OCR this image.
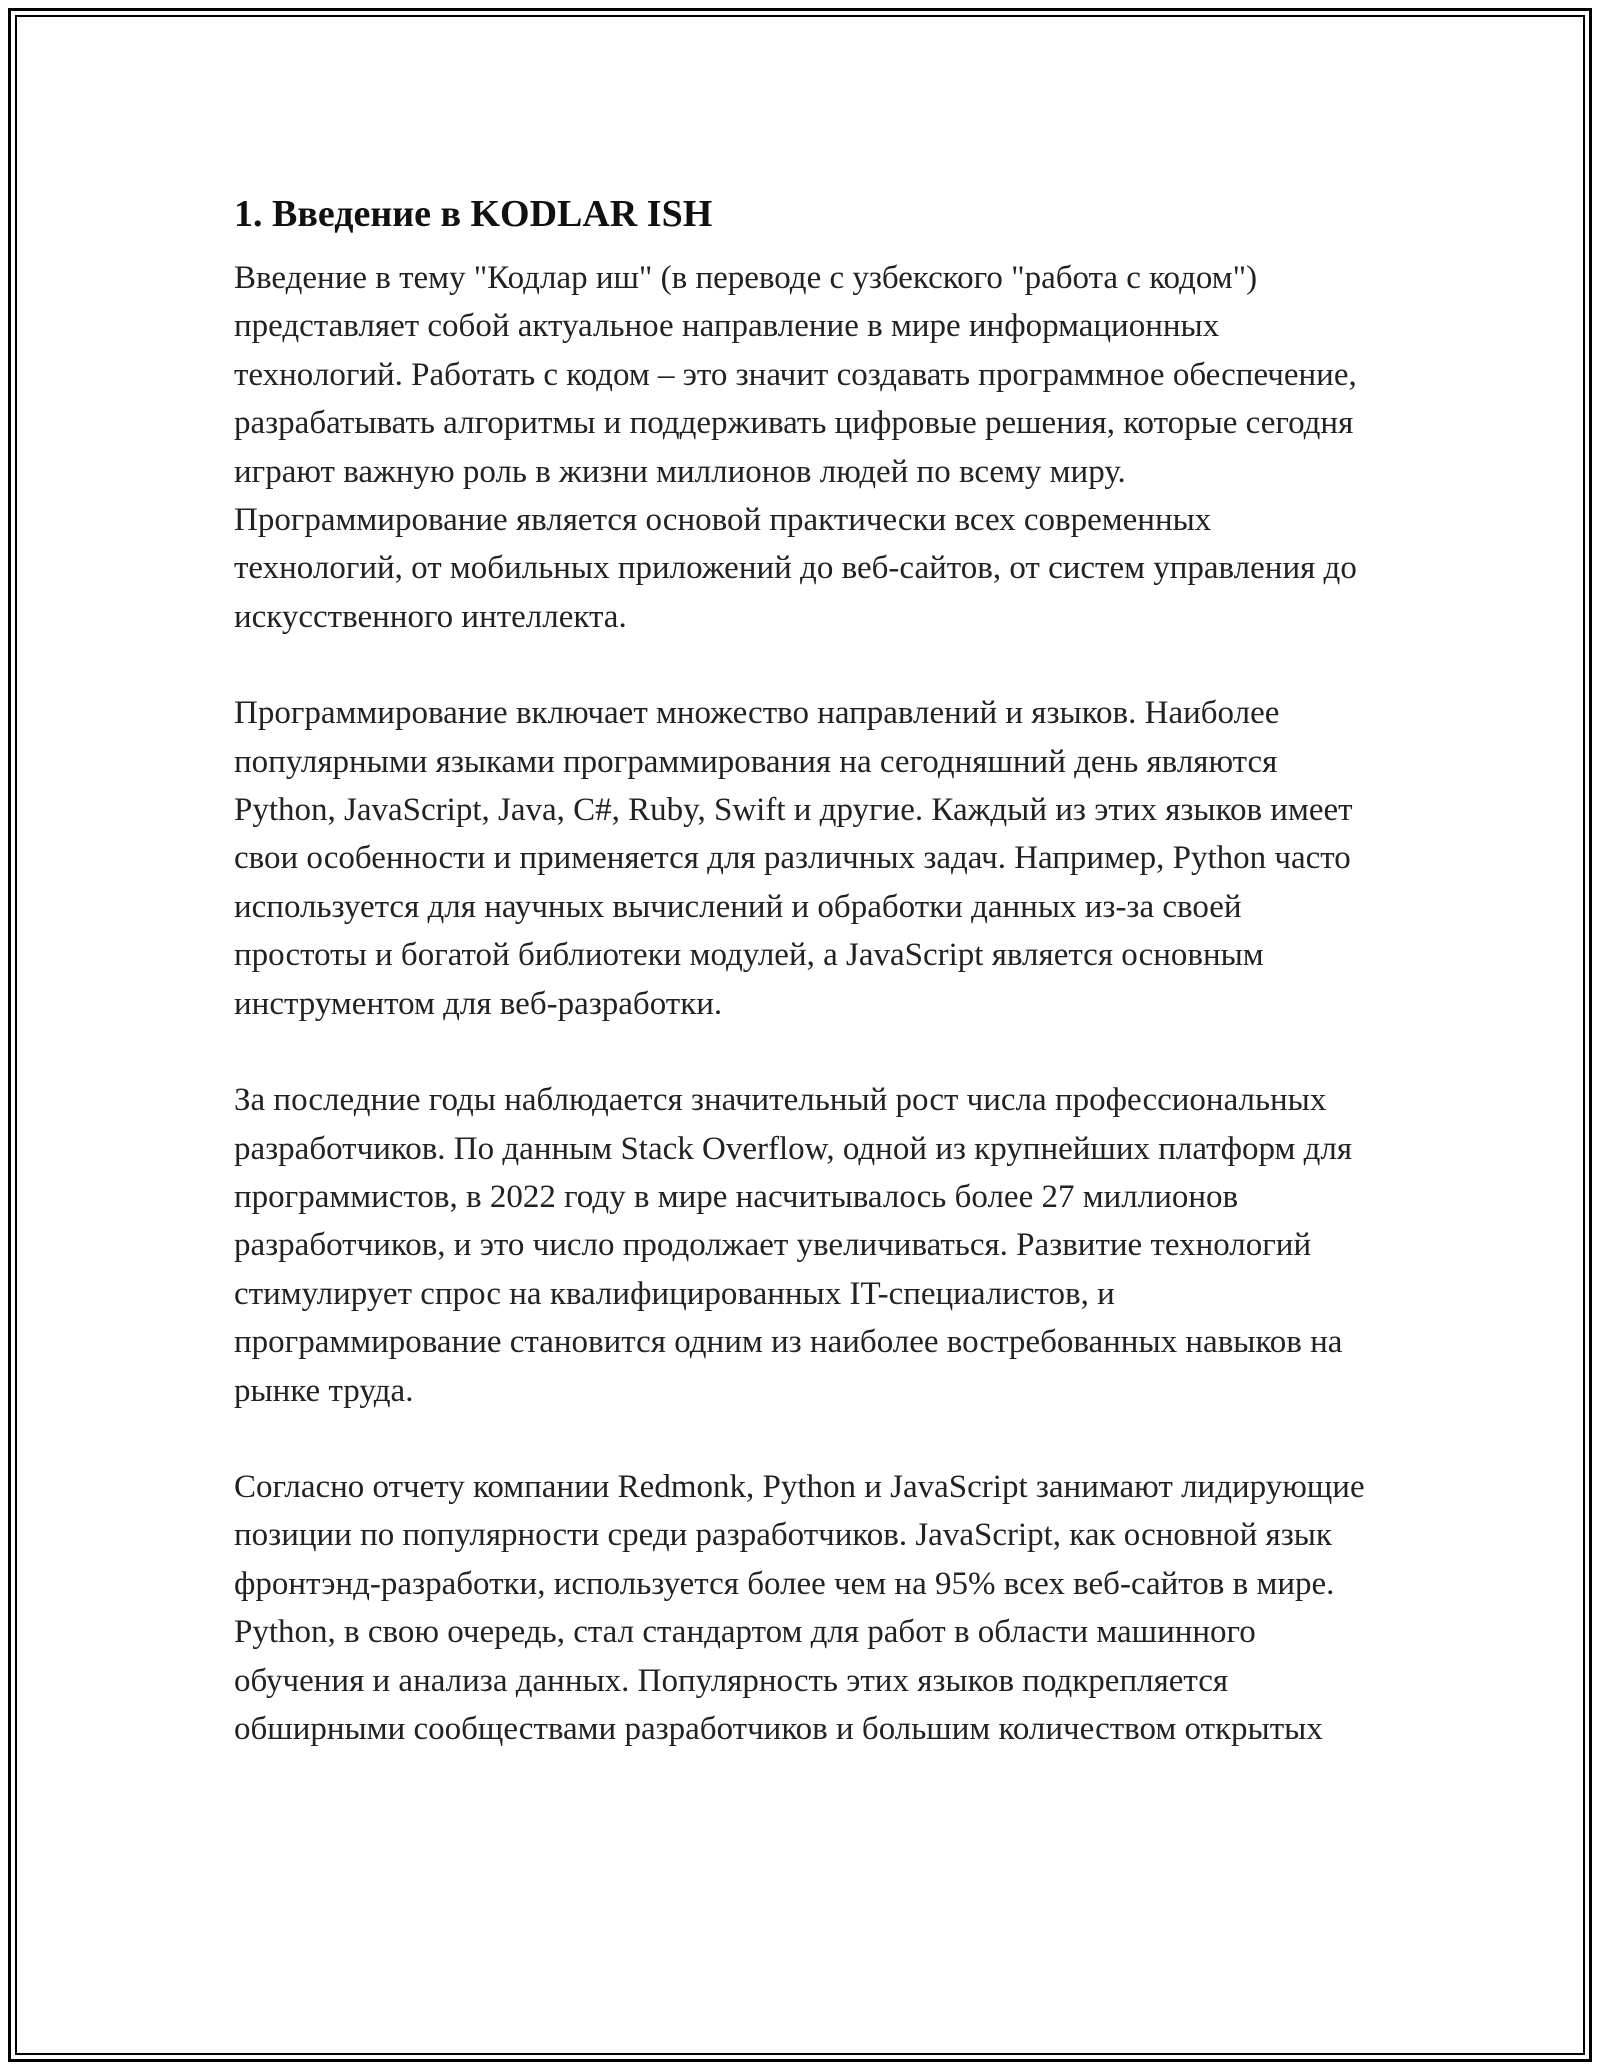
1. Введение в KODLAR ISH

Введение в тему "Кодлар иш" (в переводе с узбекского "работа с кодом") представляет собой актуальное направление в мире информационных технологий. Работать с кодом – это значит создавать программное обеспечение, разрабатывать алгоритмы и поддерживать цифровые решения, которые сегодня играют важную роль в жизни миллионов людей по всему миру. Программирование является основой практически всех современных технологий, от мобильных приложений до веб-сайтов, от систем управления до искусственного интеллекта.

Программирование включает множество направлений и языков. Наиболее популярными языками программирования на сегодняшний день являются Python, JavaScript, Java, C#, Ruby, Swift и другие. Каждый из этих языков имеет свои особенности и применяется для различных задач. Например, Python часто используется для научных вычислений и обработки данных из-за своей простоты и богатой библиотеки модулей, а JavaScript является основным инструментом для веб-разработки.

За последние годы наблюдается значительный рост числа профессиональных разработчиков. По данным Stack Overflow, одной из крупнейших платформ для программистов, в 2022 году в мире насчитывалось более 27 миллионов разработчиков, и это число продолжает увеличиваться. Развитие технологий стимулирует спрос на квалифицированных IT-специалистов, и программирование становится одним из наиболее востребованных навыков на рынке труда.

Согласно отчету компании Redmonk, Python и JavaScript занимают лидирующие позиции по популярности среди разработчиков. JavaScript, как основной язык фронтэнд-разработки, используется более чем на 95% всех веб-сайтов в мире. Python, в свою очередь, стал стандартом для работ в области машинного обучения и анализа данных. Популярность этих языков подкрепляется обширными сообществами разработчиков и большим количеством открытых
